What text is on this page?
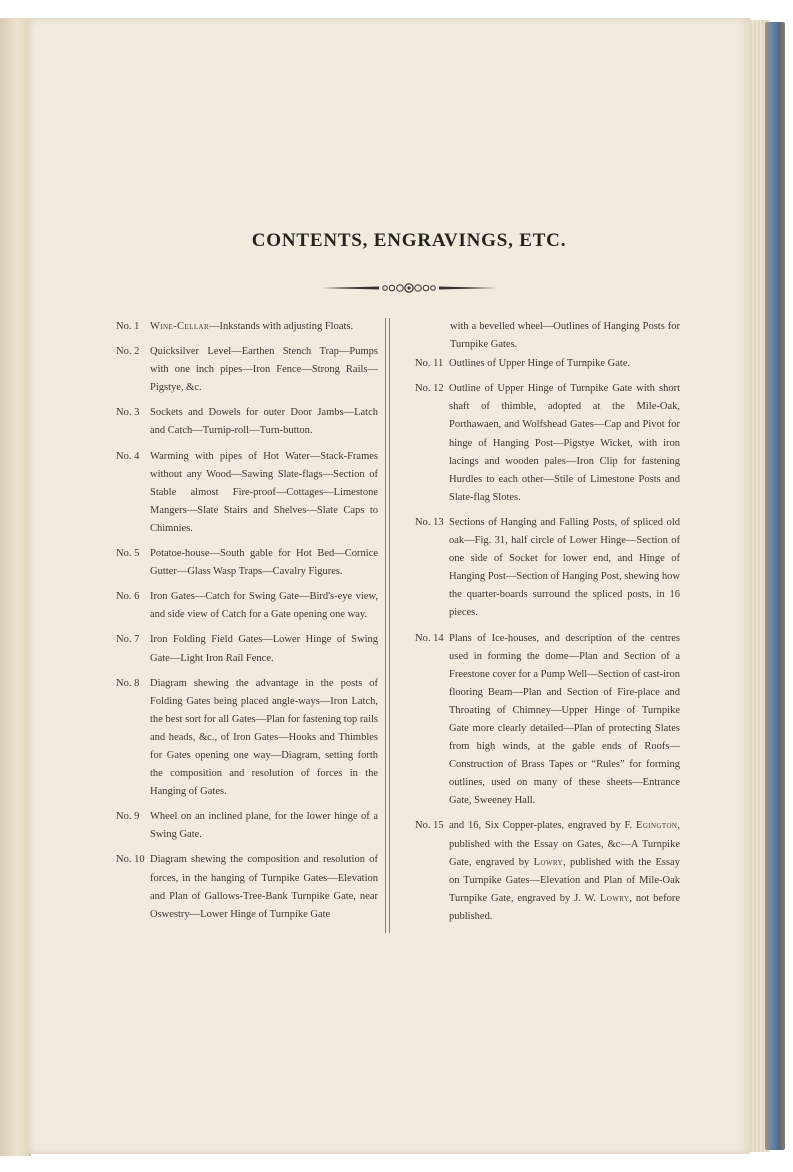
CONTENTS, ENGRAVINGS, ETC.
No. 1	Wine-Cellar—Inkstands with adjusting Floats.
No. 2	Quicksilver Level—Earthen Stench Trap—Pumps with one inch pipes—Iron Fence—Strong Rails—Pigstye, &c.
No. 3	Sockets and Dowels for outer Door Jambs—Latch and Catch—Turnip-roll—Turn-button.
No. 4	Warming with pipes of Hot Water—Stack-Frames without any Wood—Sawing Slate-flags—Section of Stable almost Fire-proof—Cottages—Limestone Mangers—Slate Stairs and Shelves—Slate Caps to Chimnies.
No. 5	Potatoe-house—South gable for Hot Bed—Cornice Gutter—Glass Wasp Traps—Cavalry Figures.
No. 6	Iron Gates—Catch for Swing Gate—Bird's-eye view, and side view of Catch for a Gate opening one way.
No. 7	Iron Folding Field Gates—Lower Hinge of Swing Gate—Light Iron Rail Fence.
No. 8	Diagram shewing the advantage in the posts of Folding Gates being placed angle-ways—Iron Latch, the best sort for all Gates—Plan for fastening top rails and heads, &c., of Iron Gates—Hooks and Thimbles for Gates opening one way—Diagram, setting forth the composition and resolution of forces in the Hanging of Gates.
No. 9	Wheel on an inclined plane, for the lower hinge of a Swing Gate.
No. 10 Diagram shewing the composition and resolution of forces, in the hanging of Turnpike Gates—Elevation and Plan of Gallows-Tree-Bank Turnpike Gate, near Oswestry—Lower Hinge of Turnpike Gate
with a bevelled wheel—Outlines of Hanging Posts for Turnpike Gates.
No. 11 Outlines of Upper Hinge of Turnpike Gate.
No. 12 Outline of Upper Hinge of Turnpike Gate with short shaft of thimble, adopted at the Mile-Oak, Porthawaen, and Wolfshead Gates—Cap and Pivot for hinge of Hanging Post—Pigstye Wicket, with iron lacings and wooden pales—Iron Clip for fastening Hurdles to each other—Stile of Limestone Posts and Slate-flag Slotes.
No. 13 Sections of Hanging and Falling Posts, of spliced old oak—Fig. 31, half circle of Lower Hinge—Section of one side of Socket for lower end, and Hinge of Hanging Post—Section of Hanging Post, shewing how the quarter-boards surround the spliced posts, in 16 pieces.
No. 14 Plans of Ice-houses, and description of the centres used in forming the dome—Plan and Section of a Freestone cover for a Pump Well—Section of cast-iron flooring Beam—Plan and Section of Fire-place and Throating of Chimney—Upper Hinge of Turnpike Gate more clearly detailed—Plan of protecting Slates from high winds, at the gable ends of Roofs—Construction of Brass Tapes or “Rules” for forming outlines, used on many of these sheets—Entrance Gate, Sweeney Hall.
No. 15 and 16, Six Copper-plates, engraved by F. Egington, published with the Essay on Gates, &c—A Turnpike Gate, engraved by Lowry, published with the Essay on Turnpike Gates—Elevation and Plan of Mile-Oak Turnpike Gate, engraved by J. W. Lowry, not before published.
